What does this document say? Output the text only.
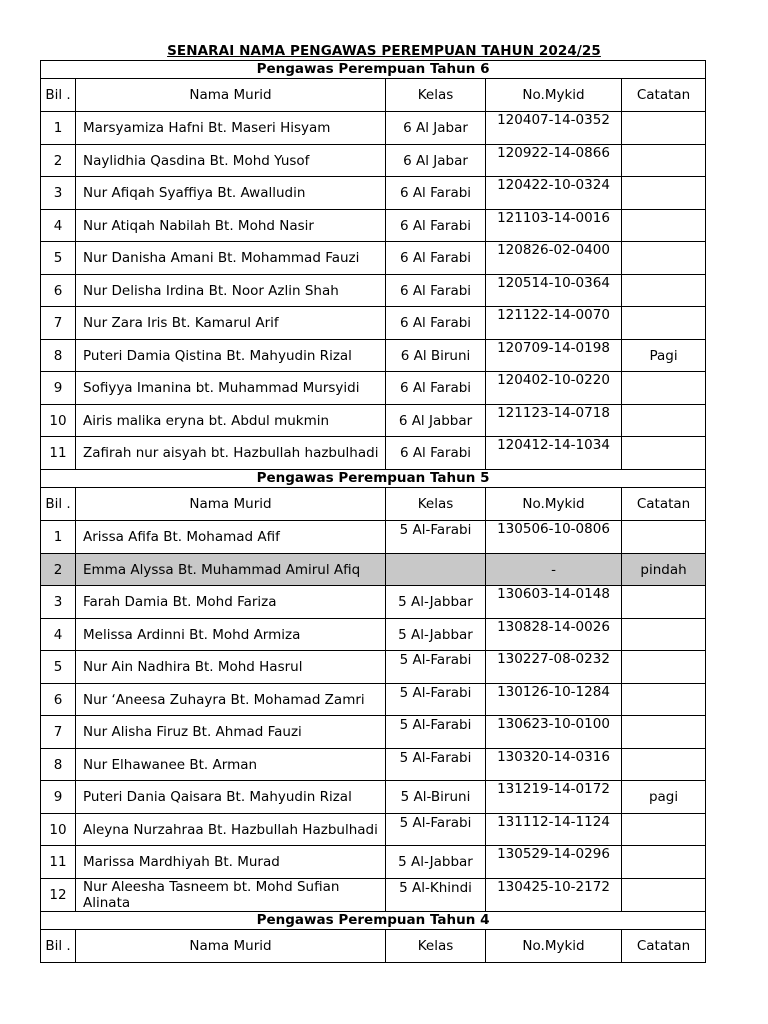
SENARAI NAMA PENGAWAS PEREMPUAN TAHUN 2024/25
Pengawas Perempuan Tahun 6				
Bil .	Nama Murid	Kelas	No.Mykid	Catatan
1	Marsyamiza Hafni Bt. Maseri Hisyam	6 Al Jabar	120407-14-0352	
2	Naylidhia Qasdina Bt. Mohd Yusof	6 Al Jabar	120922-14-0866	
3	Nur Afiqah Syaffiya Bt. Awalludin	6 Al Farabi	120422-10-0324	
4	Nur Atiqah Nabilah Bt. Mohd Nasir	6 Al Farabi	121103-14-0016	
5	Nur Danisha Amani Bt. Mohammad Fauzi	6 Al Farabi	120826-02-0400	
6	Nur Delisha Irdina Bt. Noor Azlin Shah	6 Al Farabi	120514-10-0364	
7	Nur Zara Iris Bt. Kamarul Arif	6 Al Farabi	121122-14-0070	
8	Puteri Damia Qistina Bt. Mahyudin Rizal	6 Al Biruni	120709-14-0198	Pagi
9	Sofiyya Imanina bt. Muhammad Mursyidi	6 Al Farabi	120402-10-0220	
10	Airis malika eryna bt. Abdul mukmin	6 Al Jabbar	121123-14-0718	
11	Zafirah nur aisyah bt. Hazbullah hazbulhadi	6 Al Farabi	120412-14-1034	
Pengawas Perempuan Tahun 5				
Bil .	Nama Murid	Kelas	No.Mykid	Catatan
1	Arissa Afifa Bt. Mohamad Afif	5 Al-Farabi	130506-10-0806	
2	Emma Alyssa Bt. Muhammad Amirul Afiq		-	pindah
3	Farah Damia Bt. Mohd Fariza	5 Al-Jabbar	130603-14-0148	
4	Melissa Ardinni Bt. Mohd Armiza	5 Al-Jabbar	130828-14-0026	
5	Nur Ain Nadhira Bt. Mohd Hasrul	5 Al-Farabi	130227-08-0232	
6	Nur ‘Aneesa Zuhayra Bt. Mohamad Zamri	5 Al-Farabi	130126-10-1284	
7	Nur Alisha Firuz Bt. Ahmad Fauzi	5 Al-Farabi	130623-10-0100	
8	Nur Elhawanee Bt. Arman	5 Al-Farabi	130320-14-0316	
9	Puteri Dania Qaisara Bt. Mahyudin Rizal	5 Al-Biruni	131219-14-0172	pagi
10	Aleyna Nurzahraa Bt. Hazbullah Hazbulhadi	5 Al-Farabi	131112-14-1124	
11	Marissa Mardhiyah Bt. Murad	5 Al-Jabbar	130529-14-0296	
12	Nur Aleesha Tasneem bt. Mohd Sufian Alinata	5 Al-Khindi	130425-10-2172	
Pengawas Perempuan Tahun 4				
Bil .	Nama Murid	Kelas	No.Mykid	Catatan
